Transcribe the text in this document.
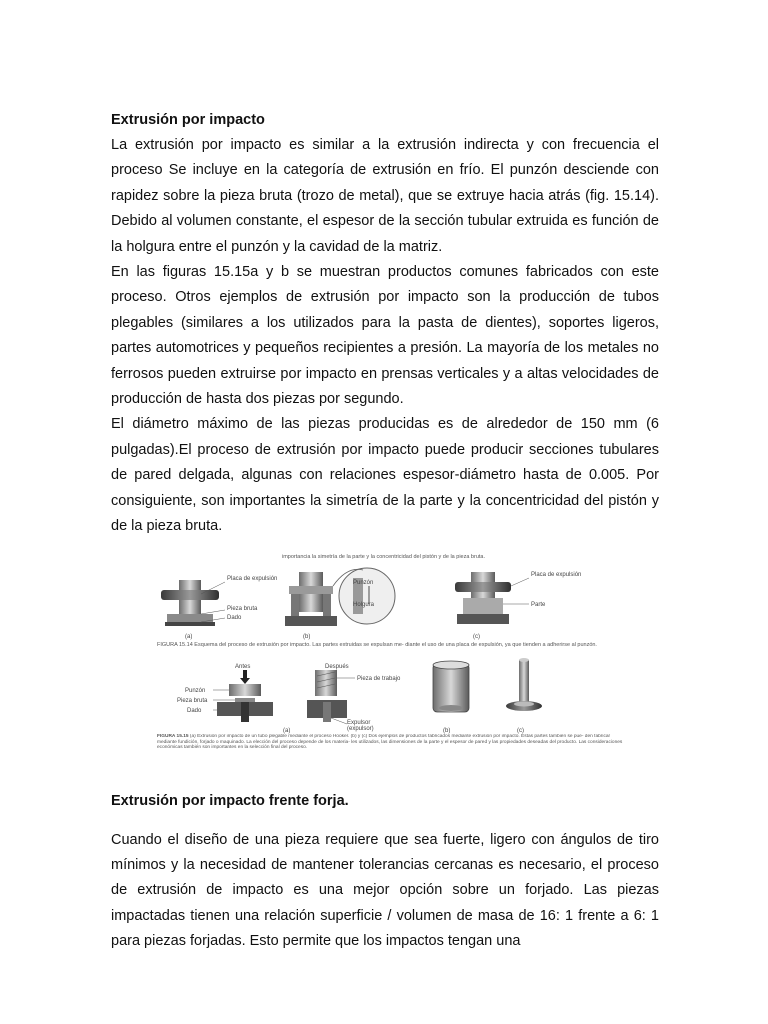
Extrusión por impacto

La extrusión por impacto es similar a la extrusión indirecta y con frecuencia el proceso Se incluye en la categoría de extrusión en frío. El punzón desciende con rapidez sobre la pieza bruta (trozo de metal), que se extruye hacia atrás (fig. 15.14). Debido al volumen constante, el espesor de la sección tubular extruida es función de la holgura entre el punzón y la cavidad de la matriz.

En las figuras 15.15a y b se muestran productos comunes fabricados con este proceso. Otros ejemplos de extrusión por impacto son la producción de tubos plegables (similares a los utilizados para la pasta de dientes), soportes ligeros, partes automotrices y pequeños recipientes a presión. La mayoría de los metales no ferrosos pueden extruirse por impacto en prensas verticales y a altas velocidades de producción de hasta dos piezas por segundo.

El diámetro máximo de las piezas producidas es de alrededor de 150 mm (6 pulgadas).El proceso de extrusión por impacto puede producir secciones tubulares de pared delgada, algunas con relaciones espesor-diámetro hasta de 0.005. Por consiguiente, son importantes la simetría de la parte y la concentricidad del pistón y de la pieza bruta.

importancia la simetría de la parte y la concentricidad del pistón y de la pieza bruta.
Placa de expulsión
Pieza bruta
Dado
(a)
Punzón
Holgura
(b)
Placa de expulsión
Parte
(c)
FIGURA 15.14 Esquema del proceso de extrusión por impacto. Las partes extruidas se expulsan me- diante el uso de una placa de expulsión, ya que tienden a adherirse al punzón.
Antes	Después
Punzón
Pieza de trabajo
Pieza bruta
Dado
Expulsor
(expulsor)
(a)	(b)	(c)
FIGURA 15.15 (a) Extrusión por impacto de un tubo plegable mediante el proceso Hooker. (b) y (c) Dos ejemplos de productos fabricados mediante extrusión por impacto. Estas partes también se pue- den fabricar mediante fundición, forjado o maquinado. La elección del proceso depende de los materia- les utilizados, las dimensiones de la parte y el espesor de pared y las propiedades deseadas del producto. Las consideraciones económicas también son importantes en la selección final del proceso.
Extrusión por impacto frente forja.

Cuando el diseño de una pieza requiere que sea fuerte, ligero con ángulos de tiro mínimos y la necesidad de mantener tolerancias cercanas es necesario, el proceso de extrusión de impacto es una mejor opción sobre un forjado. Las piezas impactadas tienen una relación superficie / volumen de masa de 16: 1 frente a 6: 1 para piezas forjadas. Esto permite que los impactos tengan una
